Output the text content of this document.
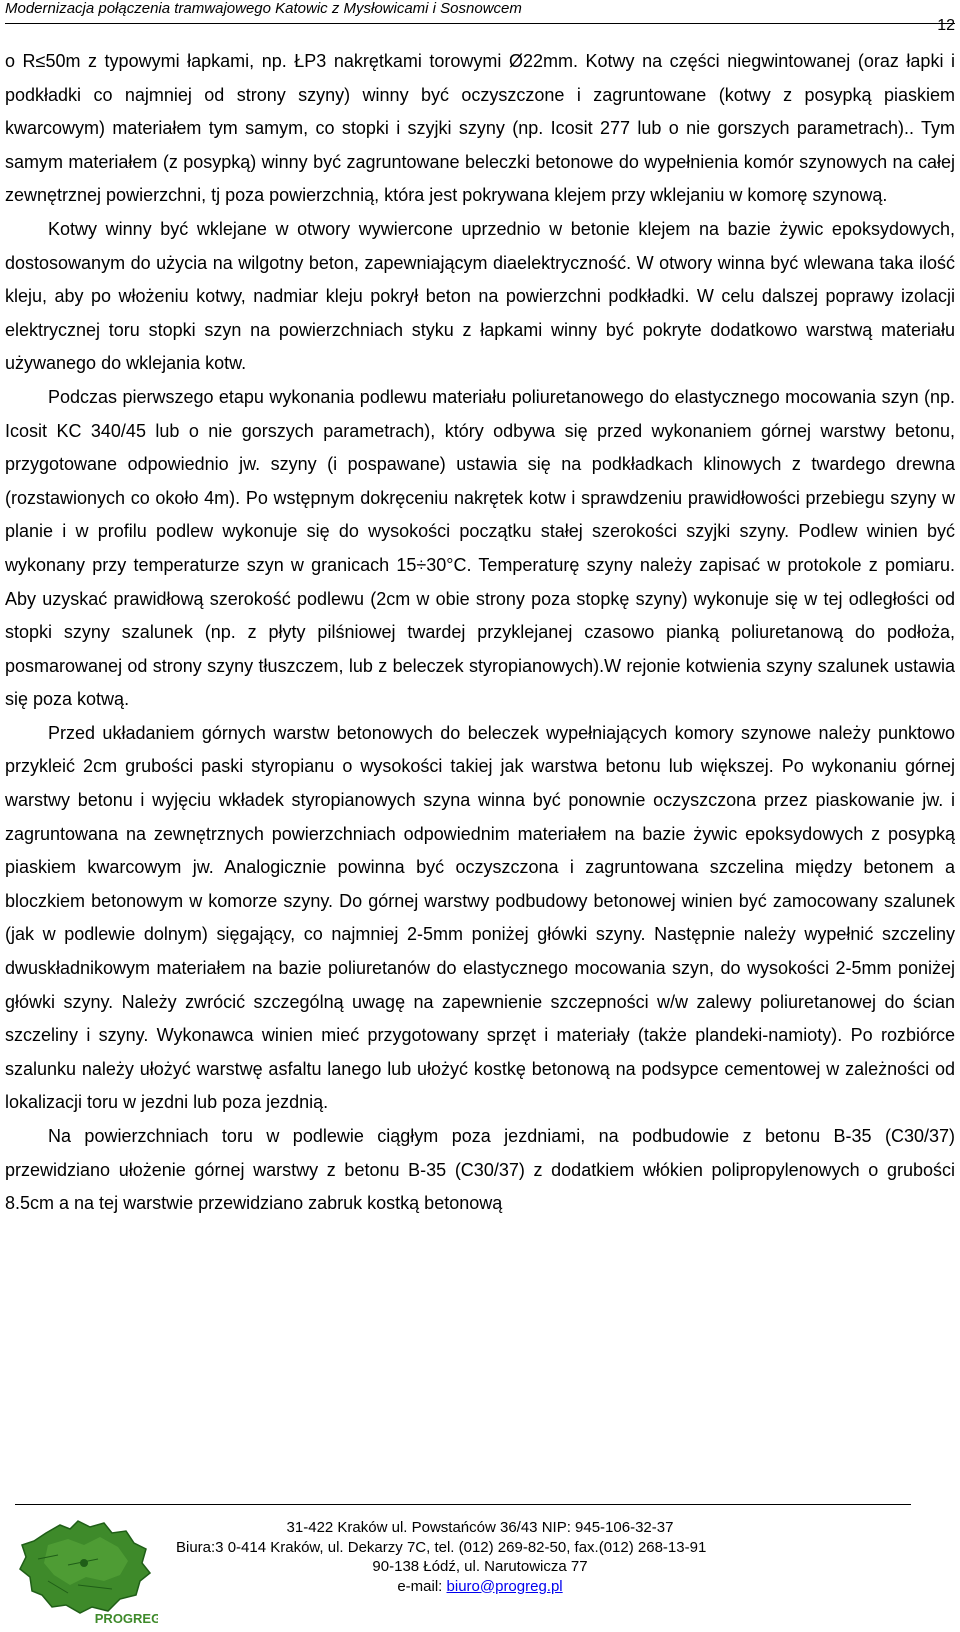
Modernizacja połączenia tramwajowego Katowic z Mysłowicami i Sosnowcem
12

o R≤50m z typowymi łapkami, np. ŁP3 nakrętkami torowymi Ø22mm. Kotwy na części niegwintowanej (oraz łapki i podkładki co najmniej od strony szyny) winny być oczyszczone i zagruntowane (kotwy z posypką piaskiem kwarcowym) materiałem tym samym, co stopki i szyjki szyny (np. Icosit 277 lub o nie gorszych parametrach).. Tym samym materiałem (z posypką) winny być zagruntowane beleczki betonowe do wypełnienia komór szynowych na całej zewnętrznej powierzchni, tj poza powierzchnią, która jest pokrywana klejem przy wklejaniu w komorę szynową.

Kotwy winny być wklejane w otwory wywiercone uprzednio w betonie klejem na bazie żywic epoksydowych, dostosowanym do użycia na wilgotny beton, zapewniającym diaelektryczność. W otwory winna być wlewana taka ilość kleju, aby po włożeniu kotwy, nadmiar kleju pokrył beton na powierzchni podkładki. W celu dalszej poprawy izolacji elektrycznej toru stopki szyn na powierzchniach styku z łapkami winny być pokryte dodatkowo warstwą materiału używanego do wklejania kotw.

Podczas pierwszego etapu wykonania podlewu materiału poliuretanowego do elastycznego mocowania szyn (np. Icosit KC 340/45 lub o nie gorszych parametrach), który odbywa się przed wykonaniem górnej warstwy betonu, przygotowane odpowiednio jw. szyny (i pospawane) ustawia się na podkładkach klinowych z twardego drewna (rozstawionych co około 4m). Po wstępnym dokręceniu nakrętek kotw i sprawdzeniu prawidłowości przebiegu szyny w planie i w profilu podlew wykonuje się do wysokości początku stałej szerokości szyjki szyny. Podlew winien być wykonany przy temperaturze szyn w granicach 15÷30°C. Temperaturę szyny należy zapisać w protokole z pomiaru. Aby uzyskać prawidłową szerokość podlewu (2cm w obie strony poza stopkę szyny) wykonuje się w tej odległości od stopki szyny szalunek (np. z płyty pilśniowej twardej przyklejanej czasowo pianką poliuretanową do podłoża, posmarowanej od strony szyny tłuszczem, lub z beleczek styropianowych).W rejonie kotwienia szyny szalunek ustawia się poza kotwą.

Przed układaniem górnych warstw betonowych do beleczek wypełniających komory szynowe należy punktowo przykleić 2cm grubości paski styropianu o wysokości takiej jak warstwa betonu lub większej. Po wykonaniu górnej warstwy betonu i wyjęciu wkładek styropianowych szyna winna być ponownie oczyszczona przez piaskowanie jw. i zagruntowana na zewnętrznych powierzchniach odpowiednim materiałem na bazie żywic epoksydowych z posypką piaskiem kwarcowym jw. Analogicznie powinna być oczyszczona i zagruntowana szczelina między betonem a bloczkiem betonowym w komorze szyny. Do górnej warstwy podbudowy betonowej winien być zamocowany szalunek (jak w podlewie dolnym) sięgający, co najmniej 2-5mm poniżej główki szyny. Następnie należy wypełnić szczeliny dwuskładnikowym materiałem na bazie poliuretanów do elastycznego mocowania szyn, do wysokości 2-5mm poniżej główki szyny. Należy zwrócić szczególną uwagę na zapewnienie szczepności w/w zalewy poliuretanowej do ścian szczeliny i szyny. Wykonawca winien mieć przygotowany sprzęt i materiały (także plandeki-namioty). Po rozbiórce szalunku należy ułożyć warstwę asfaltu lanego lub ułożyć kostkę betonową na podsypce cementowej w zależności od lokalizacji toru w jezdni lub poza jezdnią.

Na powierzchniach toru w podlewie ciągłym poza jezdniami, na podbudowie z betonu B-35 (C30/37) przewidziano ułożenie górnej warstwy z betonu B-35 (C30/37) z dodatkiem włókien polipropylenowych o grubości 8.5cm a na tej warstwie przewidziano zabruk kostką betonową

PROGREG
31-422 Kraków ul. Powstańców 36/43 NIP: 945-106-32-37
Biura:3 0-414 Kraków, ul. Dekarzy 7C, tel. (012) 269-82-50, fax.(012) 268-13-91
90-138 Łódź, ul. Narutowicza 77
e-mail: biuro@progreg.pl
